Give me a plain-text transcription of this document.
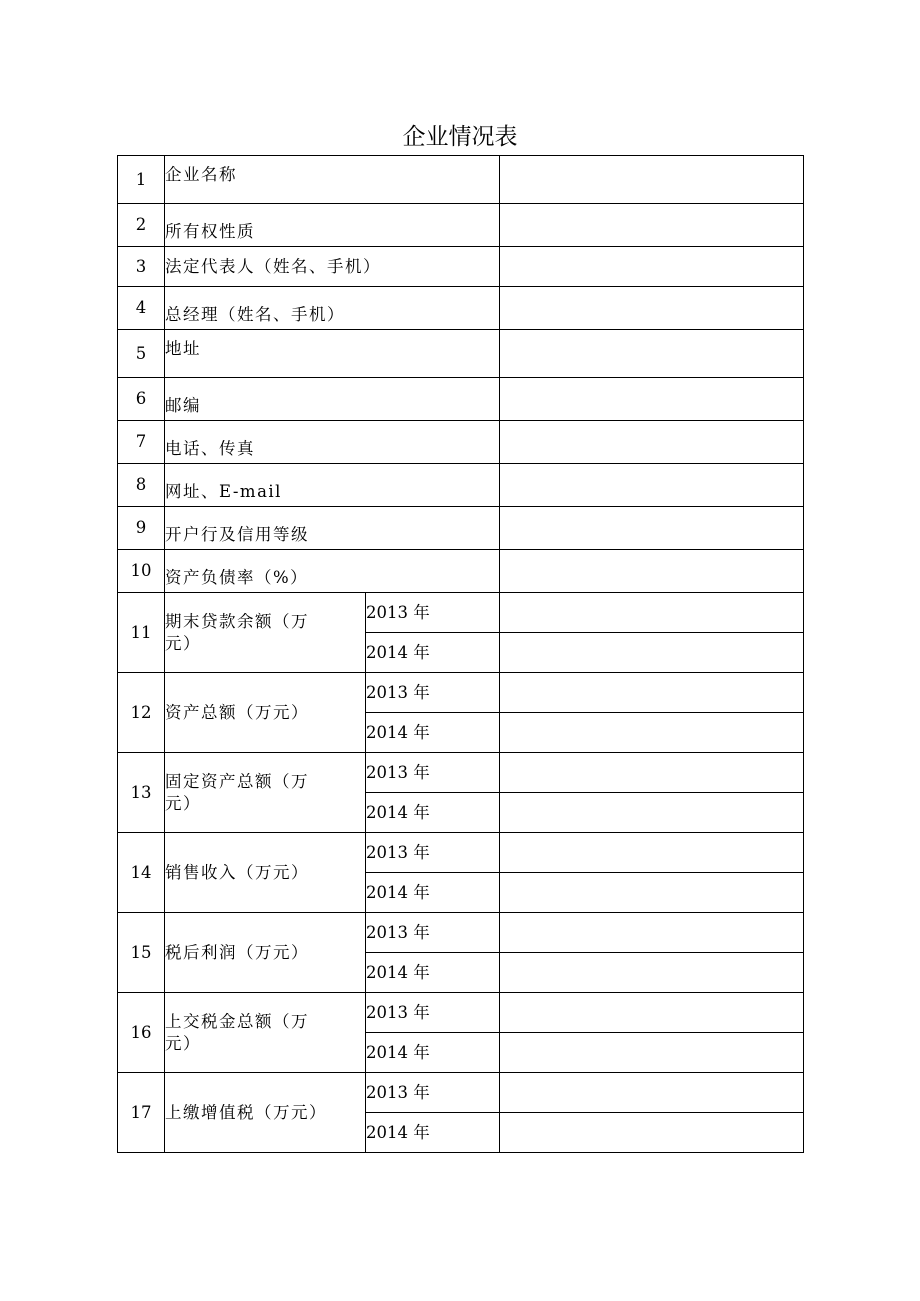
企业情况表
1	企业名称		
2	所有权性质		
3	法定代表人（姓名、手机）		
4	总经理（姓名、手机）		
5	地址		
6	邮编		
7	电话、传真		
8	网址、E-mail		
9	开户行及信用等级		
10	资产负债率（%）		
11	期末贷款余额（万元）	2013 年	
		2014 年	
12	资产总额（万元）	2013 年	
		2014 年	
13	固定资产总额（万元）	2013 年	
		2014 年	
14	销售收入（万元）	2013 年	
		2014 年	
15	税后利润（万元）	2013 年	
		2014 年	
16	上交税金总额（万元）	2013 年	
		2014 年	
17	上缴增值税（万元）	2013 年	
		2014 年	
